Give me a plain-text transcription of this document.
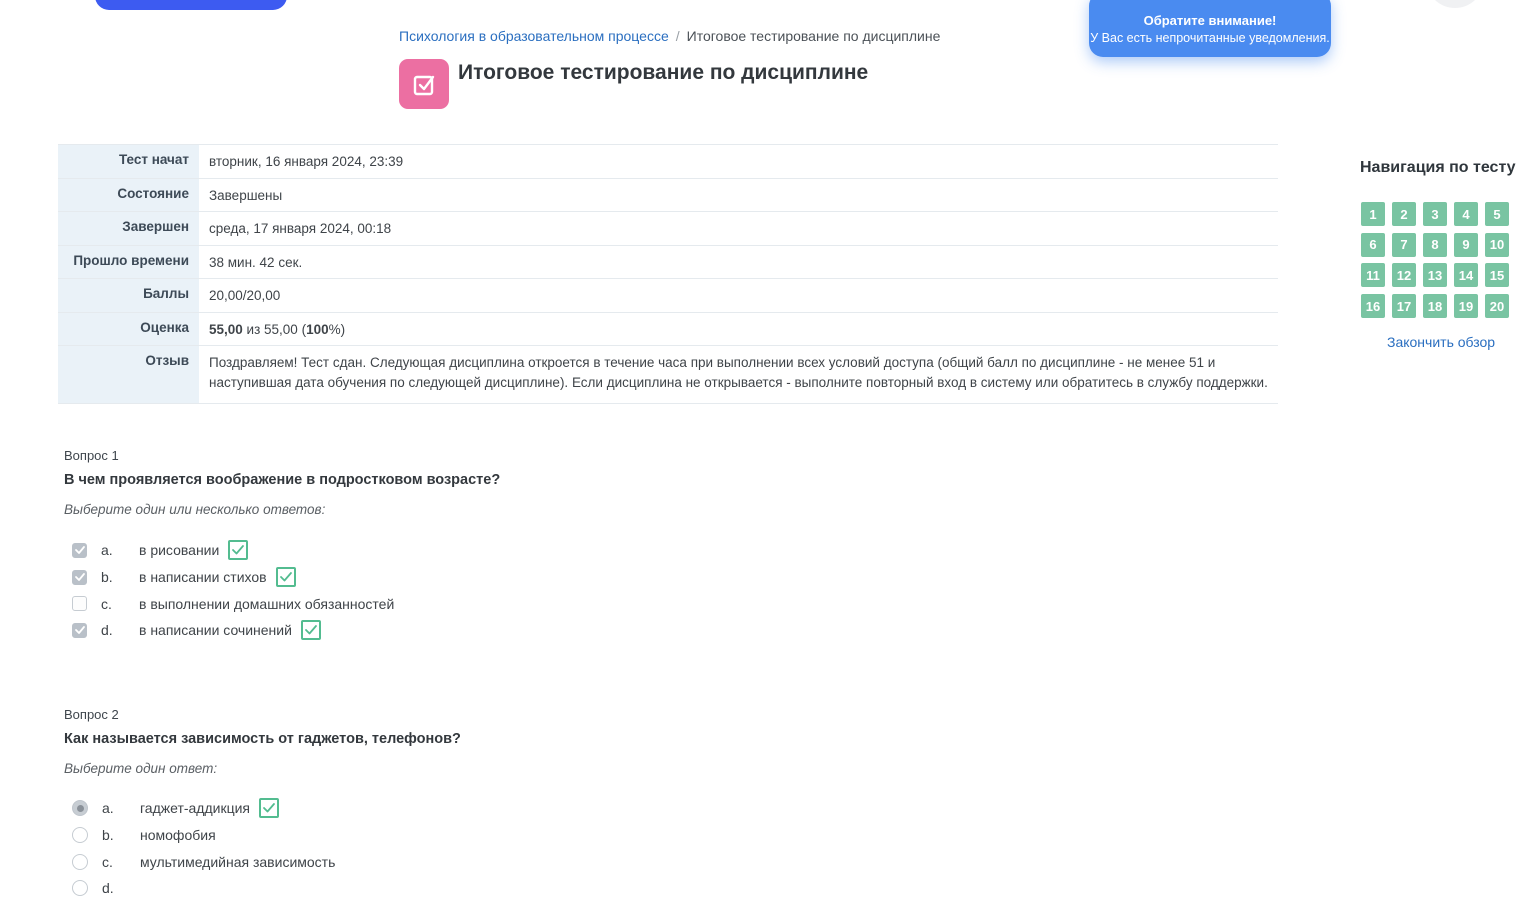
Обратите внимание!
У Вас есть непрочитанные уведомления.
Психология в образовательном процессе / Итоговое тестирование по дисциплине
Итоговое тестирование по дисциплине
Тест начат	вторник, 16 января 2024, 23:39
Состояние	Завершены
Завершен	среда, 17 января 2024, 00:18
Прошло времени	38 мин. 42 сек.
Баллы	20,00/20,00
Оценка	55,00 из 55,00 (100%)
Отзыв	Поздравляем! Тест сдан. Следующая дисциплина откроется в течение часа при выполнении всех условий доступа (общий балл по дисциплине - не менее 51 и наступившая дата обучения по следующей дисциплине). Если дисциплина не открывается - выполните повторный вход в систему или обратитесь в службу поддержки.
Навигация по тесту
1	2	3	4	5
6	7	8	9	10
11	12	13	14	15
16	17	18	19	20
Закончить обзор
Вопрос 1
В чем проявляется воображение в подростковом возрасте?
Выберите один или несколько ответов:
a.	в рисовании
b.	в написании стихов
c.	в выполнении домашних обязанностей
d.	в написании сочинений
Вопрос 2
Как называется зависимость от гаджетов, телефонов?
Выберите один ответ:
a.	гаджет-аддикция
b.	номофобия
c.	мультимедийная зависимость
d.
